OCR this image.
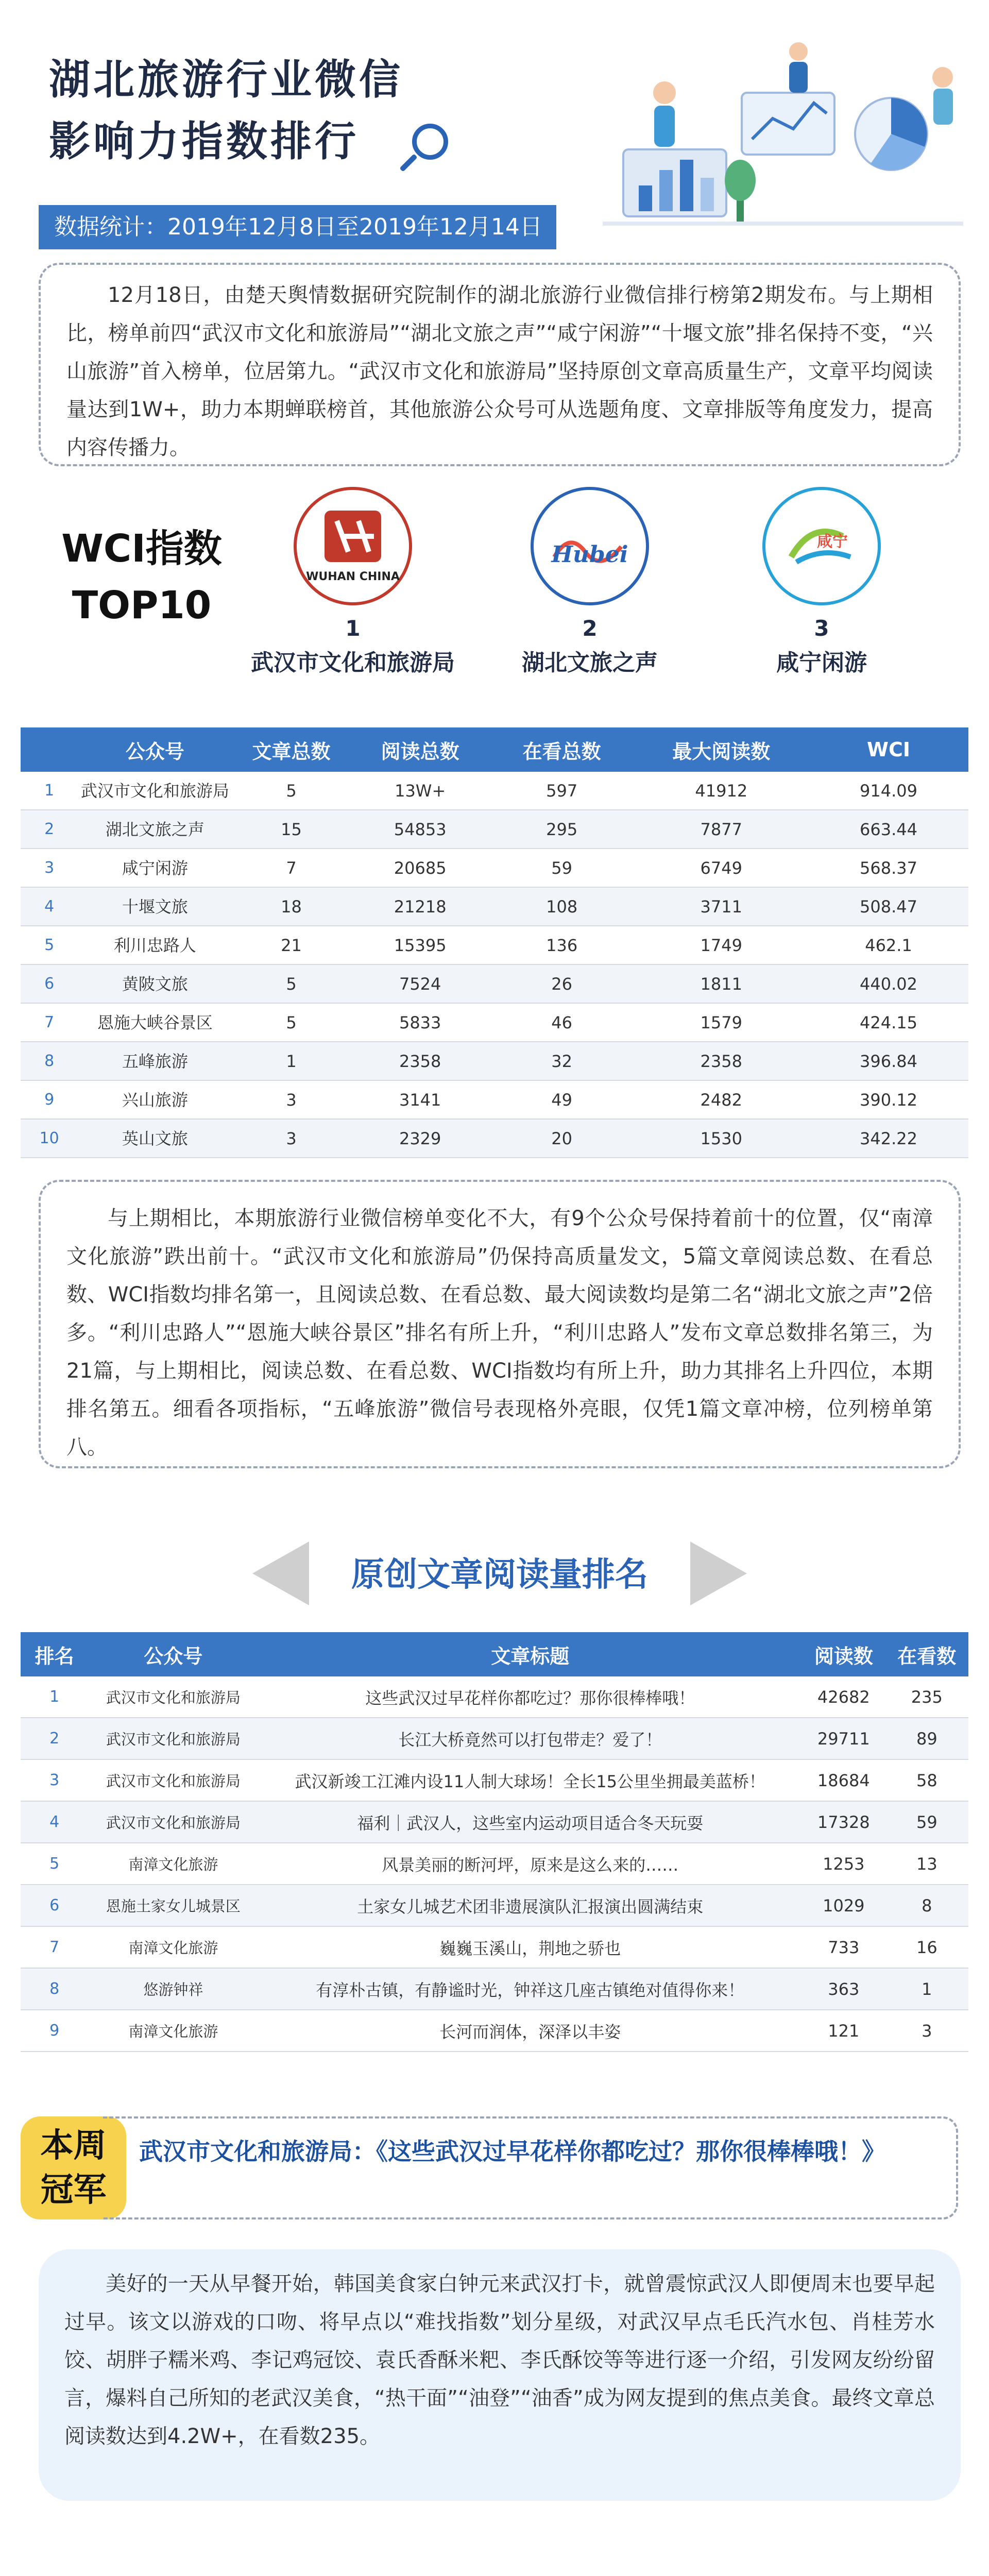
湖北旅游行业微信
影响力指数排行
数据统计：2019年12月8日至2019年12月14日
12月18日，由楚天舆情数据研究院制作的湖北旅游行业微信排行榜第2期发布。与上期相比，榜单前四“武汉市文化和旅游局”“湖北文旅之声”“咸宁闲游”“十堰文旅”排名保持不变，“兴山旅游”首入榜单，位居第九。“武汉市文化和旅游局”坚持原创文章高质量生产，文章平均阅读量达到1W+，助力本期蝉联榜首，其他旅游公众号可从选题角度、文章排版等角度发力，提高内容传播力。
WCI指数
TOP10
WUHAN CHINA
1
武汉市文化和旅游局
Hubei
2
湖北文旅之声
咸宁
3
咸宁闲游
	公众号	文章总数	阅读总数	在看总数	最大阅读数	WCI
1	武汉市文化和旅游局	5	13W+	597	41912	914.09
2	湖北文旅之声	15	54853	295	7877	663.44
3	咸宁闲游	7	20685	59	6749	568.37
4	十堰文旅	18	21218	108	3711	508.47
5	利川忠路人	21	15395	136	1749	462.1
6	黄陂文旅	5	7524	26	1811	440.02
7	恩施大峡谷景区	5	5833	46	1579	424.15
8	五峰旅游	1	2358	32	2358	396.84
9	兴山旅游	3	3141	49	2482	390.12
10	英山文旅	3	2329	20	1530	342.22
与上期相比，本期旅游行业微信榜单变化不大，有9个公众号保持着前十的位置，仅“南漳文化旅游”跌出前十。“武汉市文化和旅游局”仍保持高质量发文，5篇文章阅读总数、在看总数、WCI指数均排名第一，且阅读总数、在看总数、最大阅读数均是第二名“湖北文旅之声”2倍多。“利川忠路人”“恩施大峡谷景区”排名有所上升，“利川忠路人”发布文章总数排名第三，为21篇，与上期相比，阅读总数、在看总数、WCI指数均有所上升，助力其排名上升四位，本期排名第五。细看各项指标，“五峰旅游”微信号表现格外亮眼，仅凭1篇文章冲榜，位列榜单第八。
原创文章阅读量排名
排名	公众号	文章标题	阅读数	在看数
1	武汉市文化和旅游局	这些武汉过早花样你都吃过？那你很棒棒哦！	42682	235
2	武汉市文化和旅游局	长江大桥竟然可以打包带走？爱了！	29711	89
3	武汉市文化和旅游局	武汉新竣工江滩内设11人制大球场！全长15公里坐拥最美蓝桥！	18684	58
4	武汉市文化和旅游局	福利｜武汉人，这些室内运动项目适合冬天玩耍	17328	59
5	南漳文化旅游	风景美丽的断河坪，原来是这么来的……	1253	13
6	恩施土家女儿城景区	土家女儿城艺术团非遗展演队汇报演出圆满结束	1029	8
7	南漳文化旅游	巍巍玉溪山，荆地之骄也	733	16
8	悠游钟祥	有淳朴古镇，有静谧时光，钟祥这几座古镇绝对值得你来！	363	1
9	南漳文化旅游	长河而润体，深泽以丰姿	121	3
本周
冠军
武汉市文化和旅游局：《这些武汉过早花样你都吃过？那你很棒棒哦！》
美好的一天从早餐开始，韩国美食家白钟元来武汉打卡，就曾震惊武汉人即便周末也要早起过早。该文以游戏的口吻、将早点以“难找指数”划分星级，对武汉早点毛氏汽水包、肖桂芳水饺、胡胖子糯米鸡、李记鸡冠饺、袁氏香酥米粑、李氏酥饺等等进行逐一介绍，引发网友纷纷留言，爆料自己所知的老武汉美食，“热干面”“油登”“油香”成为网友提到的焦点美食。最终文章总阅读数达到4.2W+，在看数235。
